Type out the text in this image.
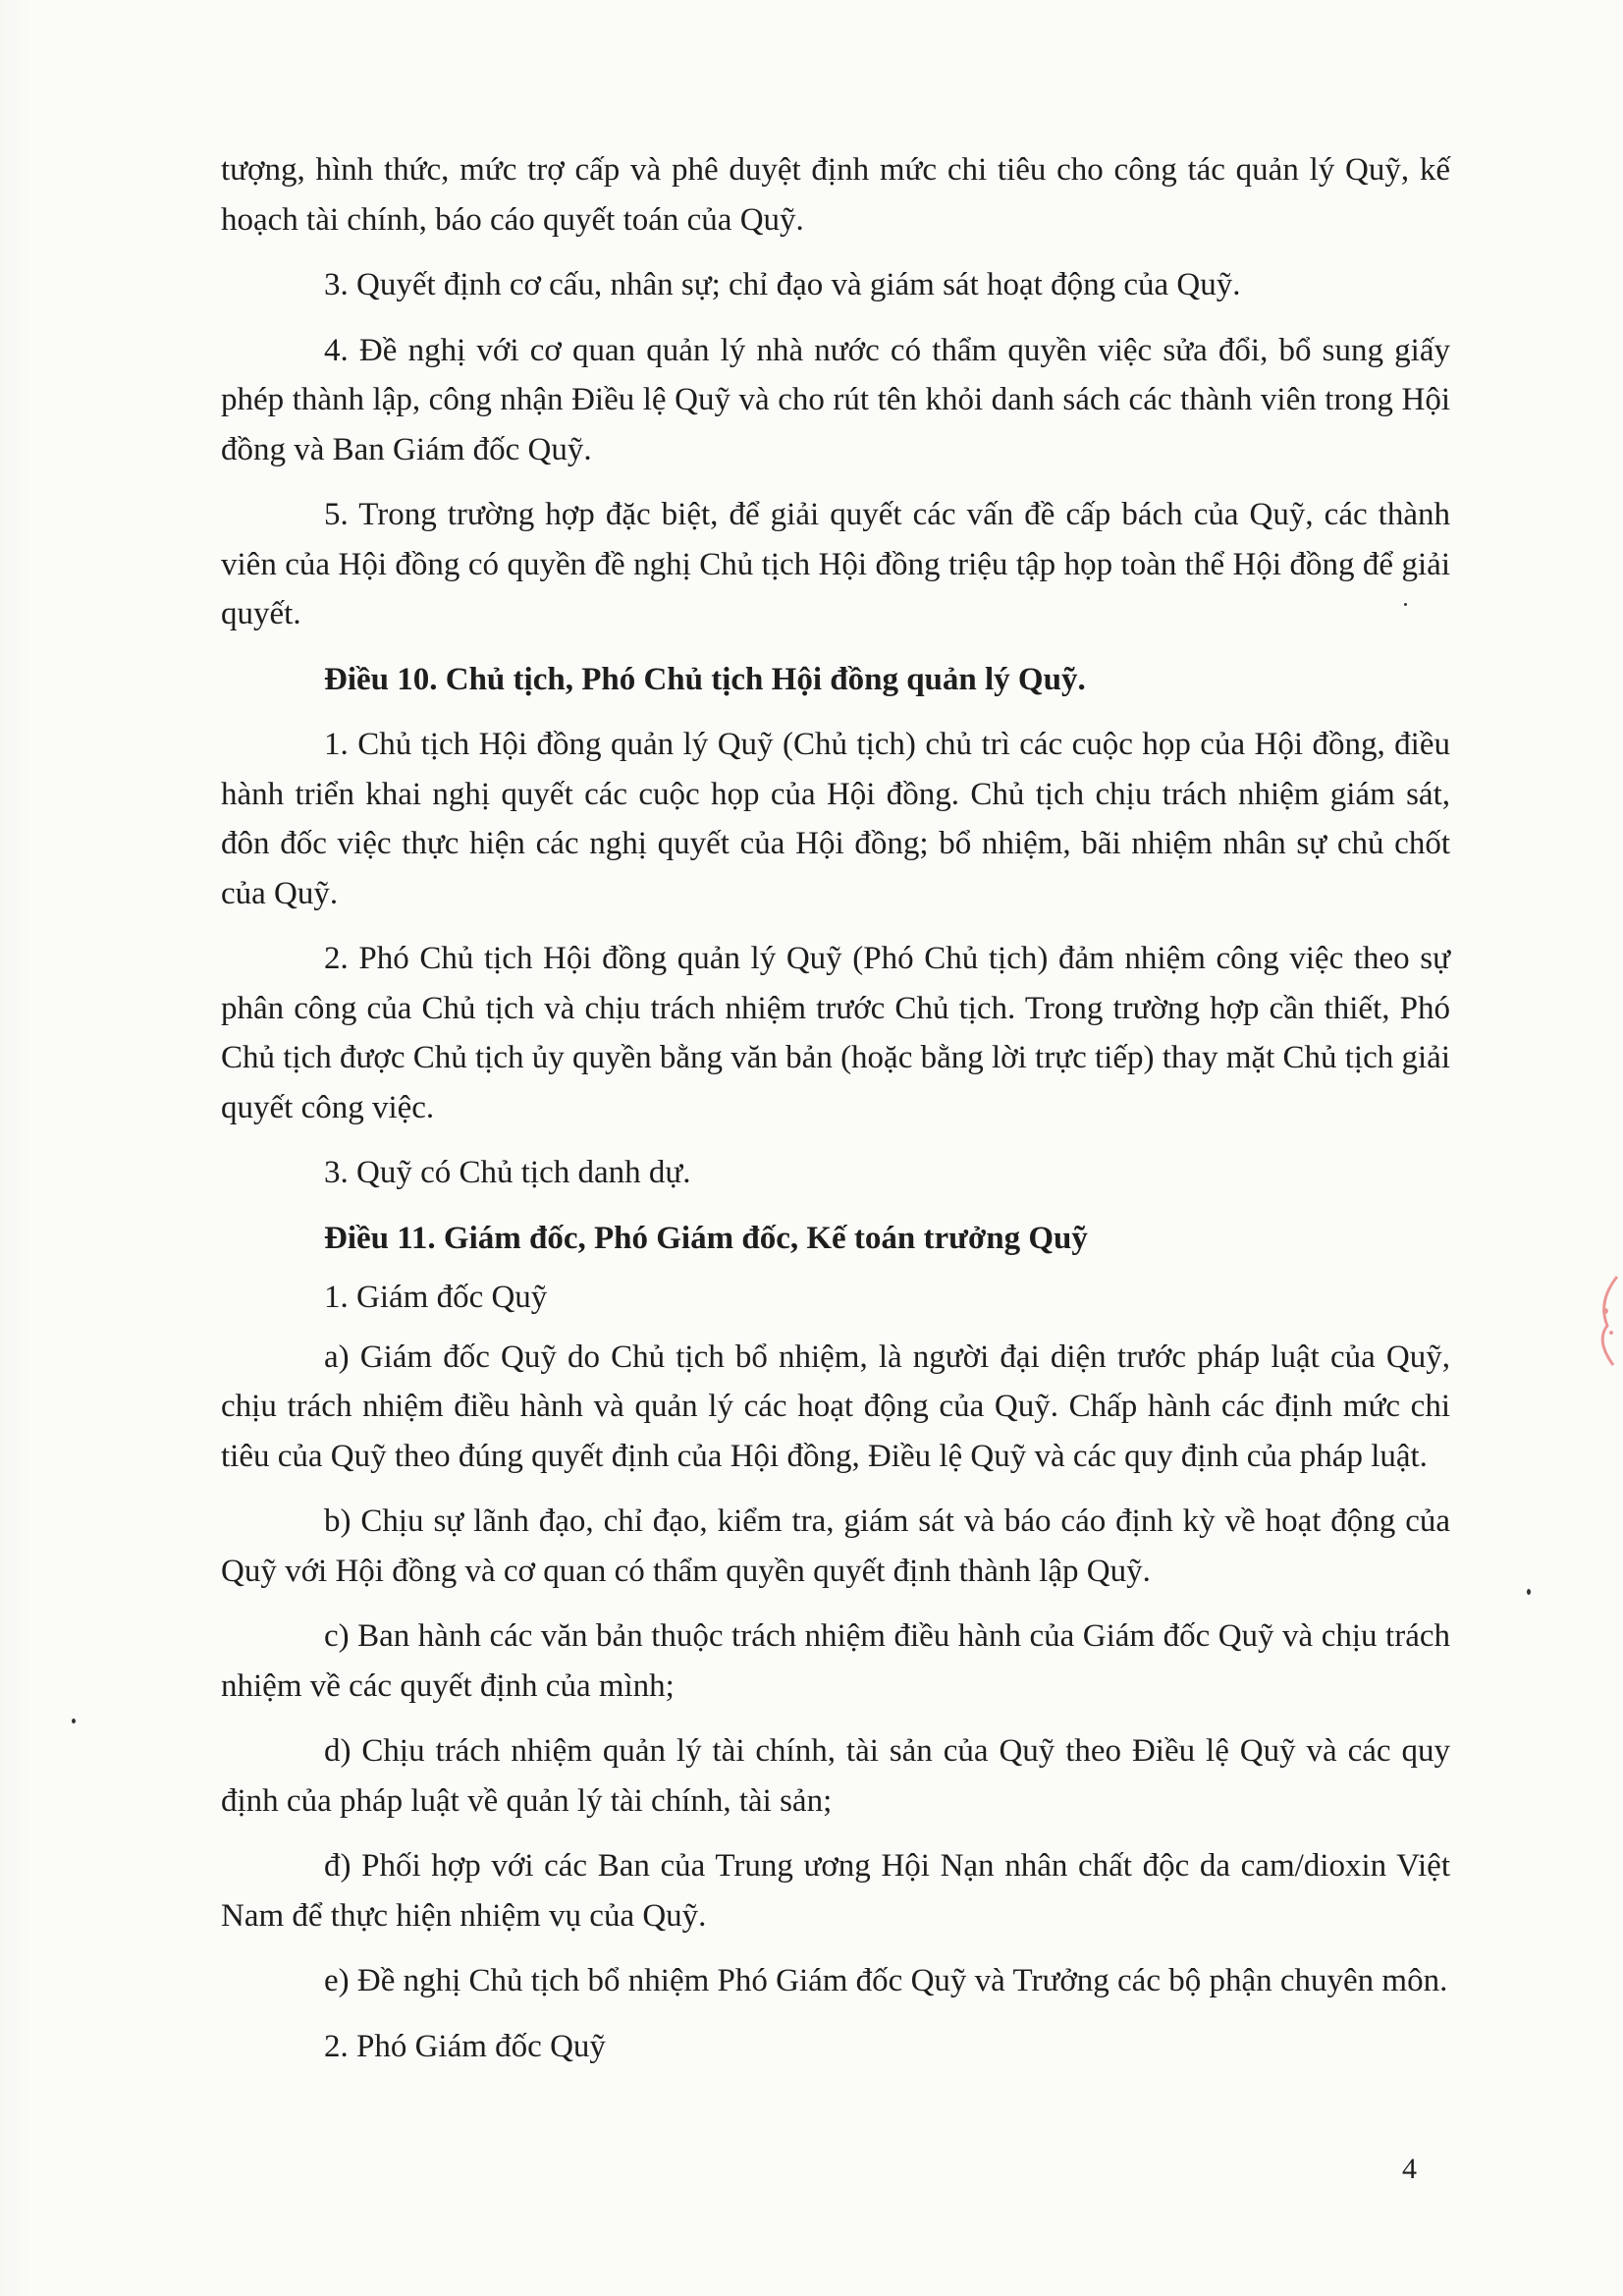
tượng, hình thức, mức trợ cấp và phê duyệt định mức chi tiêu cho công tác quản lý Quỹ, kế hoạch tài chính, báo cáo quyết toán của Quỹ.

3. Quyết định cơ cấu, nhân sự; chỉ đạo và giám sát hoạt động của Quỹ.

4. Đề nghị với cơ quan quản lý nhà nước có thẩm quyền việc sửa đổi, bổ sung giấy phép thành lập, công nhận Điều lệ Quỹ và cho rút tên khỏi danh sách các thành viên trong Hội đồng và Ban Giám đốc Quỹ.

5. Trong trường hợp đặc biệt, để giải quyết các vấn đề cấp bách của Quỹ, các thành viên của Hội đồng có quyền đề nghị Chủ tịch Hội đồng triệu tập họp toàn thể Hội đồng để giải quyết.

Điều 10. Chủ tịch, Phó Chủ tịch Hội đồng quản lý Quỹ.

1. Chủ tịch Hội đồng quản lý Quỹ (Chủ tịch) chủ trì các cuộc họp của Hội đồng, điều hành triển khai nghị quyết các cuộc họp của Hội đồng. Chủ tịch chịu trách nhiệm giám sát, đôn đốc việc thực hiện các nghị quyết của Hội đồng; bổ nhiệm, bãi nhiệm nhân sự chủ chốt của Quỹ.

2. Phó Chủ tịch Hội đồng quản lý Quỹ (Phó Chủ tịch) đảm nhiệm công việc theo sự phân công của Chủ tịch và chịu trách nhiệm trước Chủ tịch. Trong trường hợp cần thiết, Phó Chủ tịch được Chủ tịch ủy quyền bằng văn bản (hoặc bằng lời trực tiếp) thay mặt Chủ tịch giải quyết công việc.

3. Quỹ có Chủ tịch danh dự.

Điều 11. Giám đốc, Phó Giám đốc, Kế toán trưởng Quỹ

1. Giám đốc Quỹ

a) Giám đốc Quỹ do Chủ tịch bổ nhiệm, là người đại diện trước pháp luật của Quỹ, chịu trách nhiệm điều hành và quản lý các hoạt động của Quỹ. Chấp hành các định mức chi tiêu của Quỹ theo đúng quyết định của Hội đồng, Điều lệ Quỹ và các quy định của pháp luật.

b) Chịu sự lãnh đạo, chỉ đạo, kiểm tra, giám sát và báo cáo định kỳ về hoạt động của Quỹ với Hội đồng và cơ quan có thẩm quyền quyết định thành lập Quỹ.

c) Ban hành các văn bản thuộc trách nhiệm điều hành của Giám đốc Quỹ và chịu trách nhiệm về các quyết định của mình;

d) Chịu trách nhiệm quản lý tài chính, tài sản của Quỹ theo Điều lệ Quỹ và các quy định của pháp luật về quản lý tài chính, tài sản;

đ) Phối hợp với các Ban của Trung ương Hội Nạn nhân chất độc da cam/dioxin Việt Nam để thực hiện nhiệm vụ của Quỹ.

e) Đề nghị Chủ tịch bổ nhiệm Phó Giám đốc Quỹ và Trưởng các bộ phận chuyên môn.

2. Phó Giám đốc Quỹ

4
